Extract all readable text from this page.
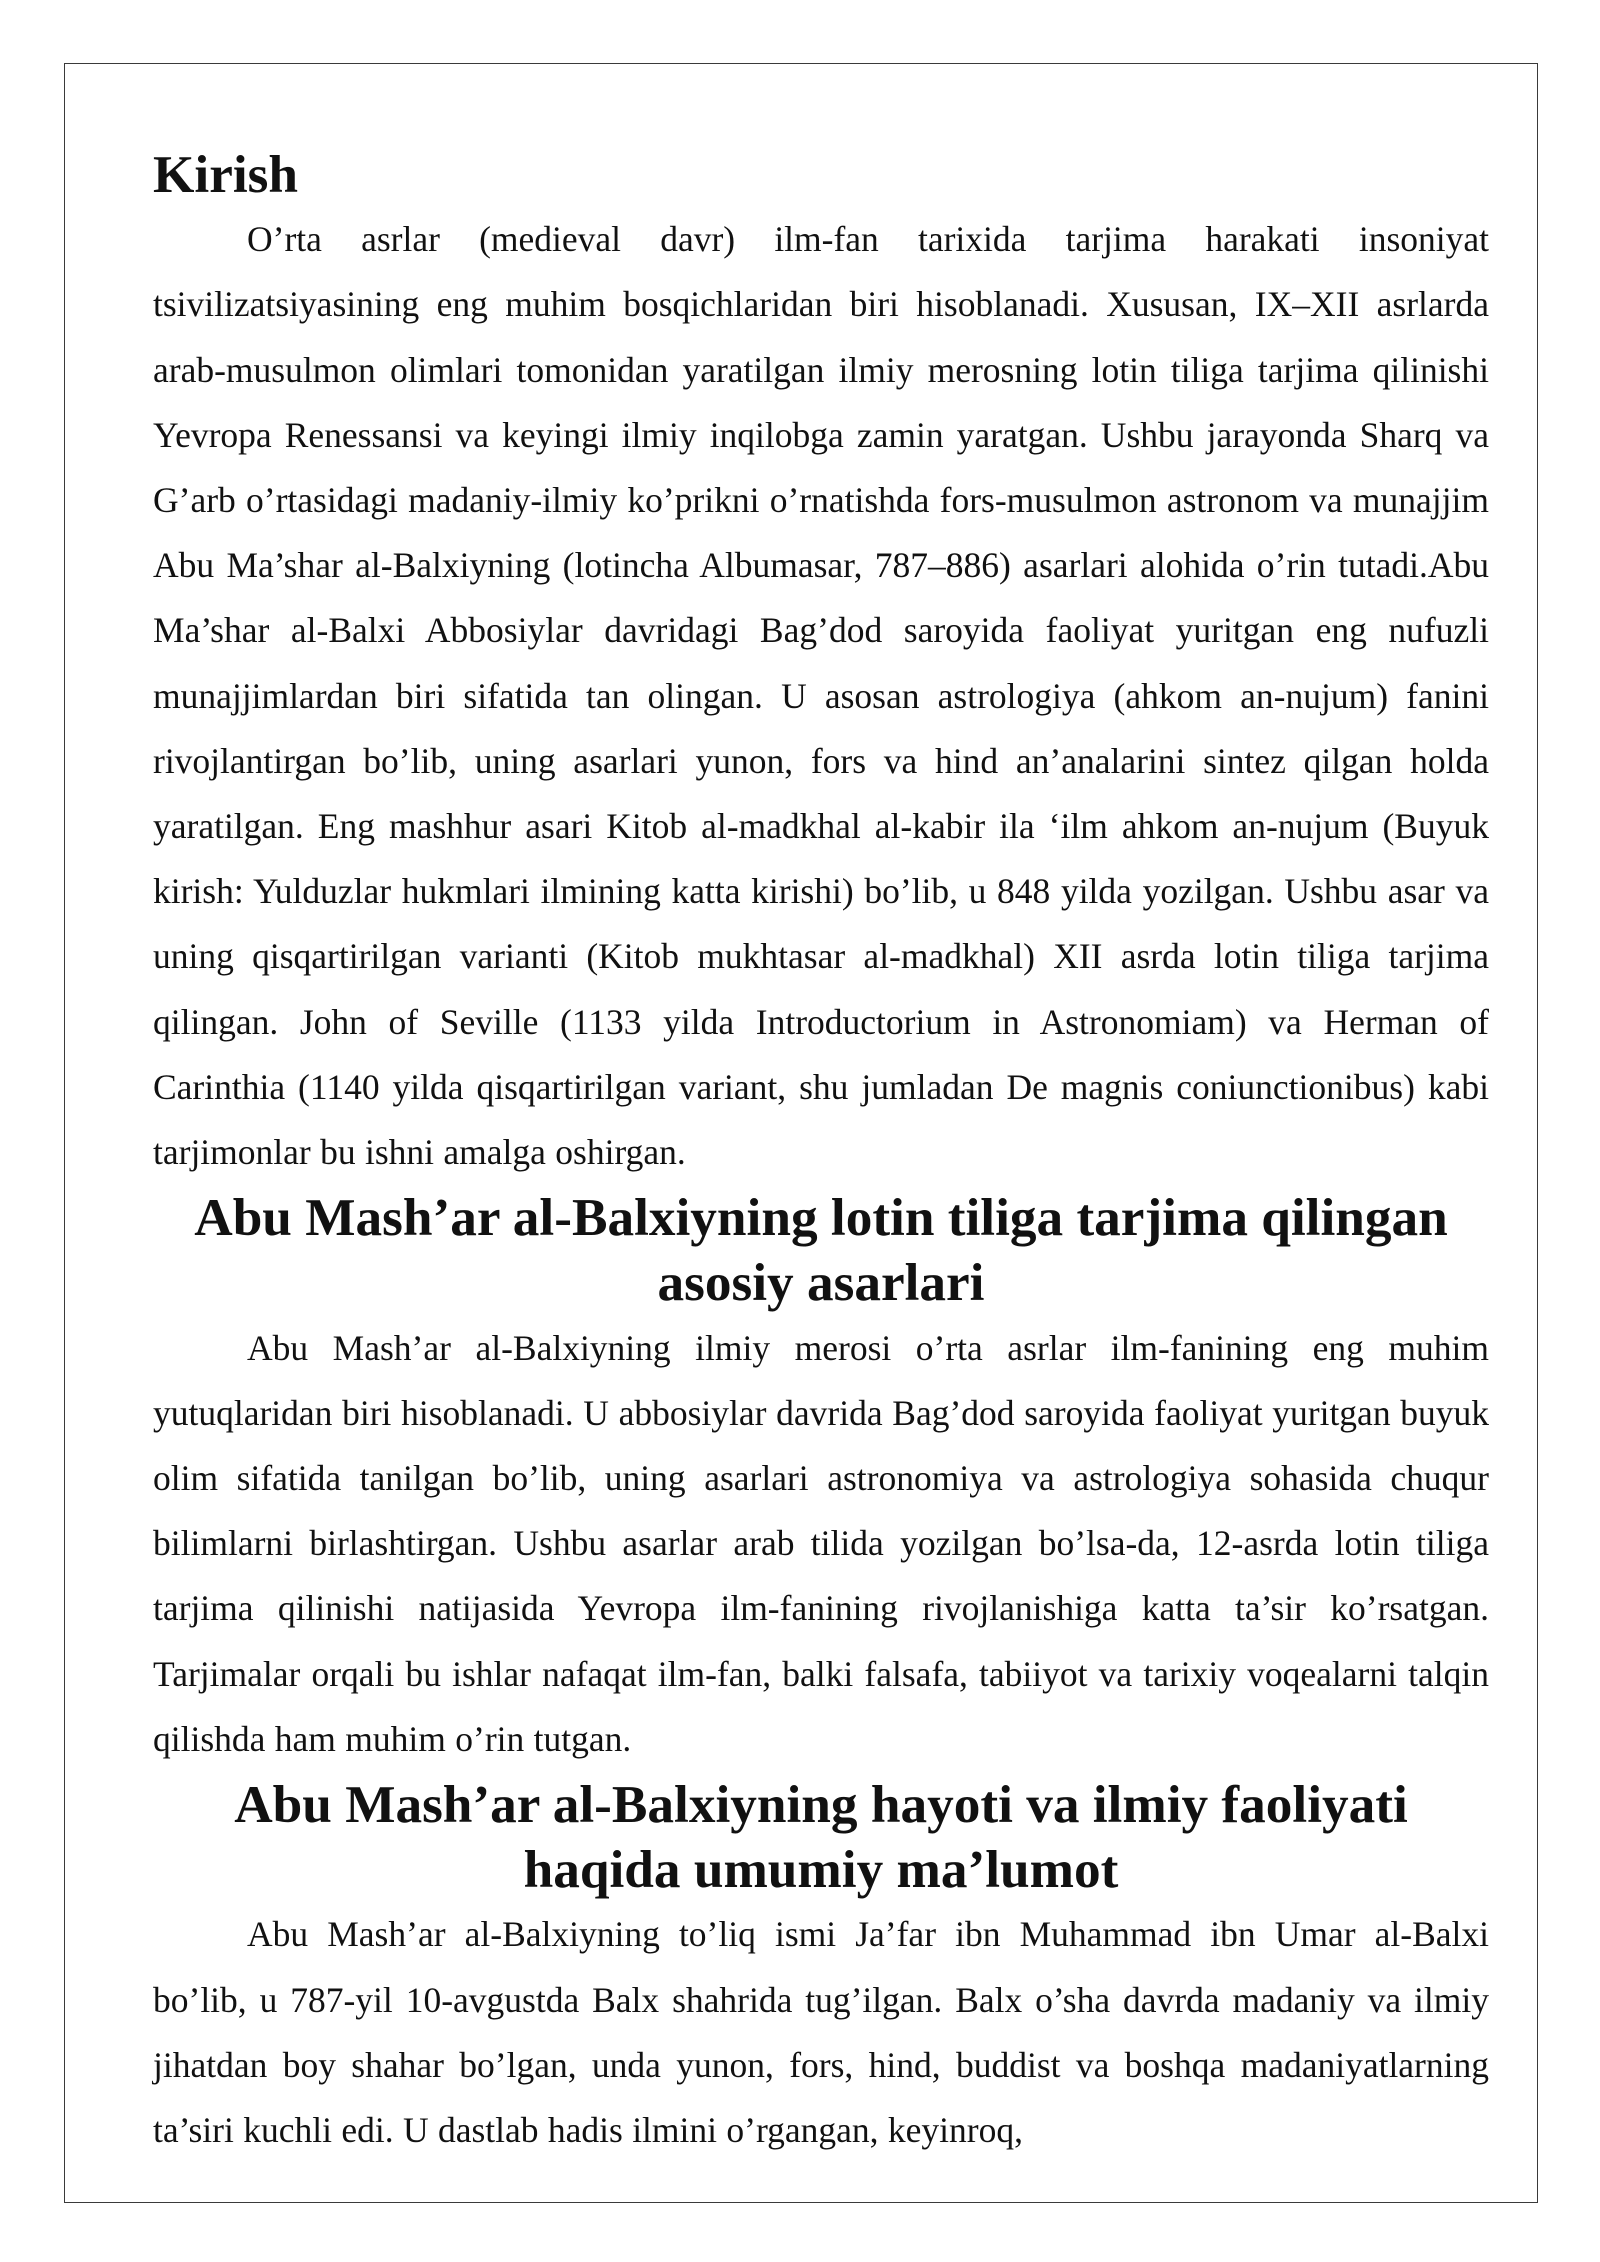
Kirish

O’rta asrlar (medieval davr) ilm-fan tarixida tarjima harakati insoniyat tsivilizatsiyasining eng muhim bosqichlaridan biri hisoblanadi. Xususan, IX–XII asrlarda arab-musulmon olimlari tomonidan yaratilgan ilmiy merosning lotin tiliga tarjima qilinishi Yevropa Renessansi va keyingi ilmiy inqilobga zamin yaratgan. Ushbu jarayonda Sharq va G’arb o’rtasidagi madaniy-ilmiy ko’prikni o’rnatishda fors-musulmon astronom va munajjim Abu Ma’shar al-Balxiyning (lotincha Albumasar, 787–886) asarlari alohida o’rin tutadi.Abu Ma’shar al-Balxi Abbosiylar davridagi Bag’dod saroyida faoliyat yuritgan eng nufuzli munajjimlardan biri sifatida tan olingan. U asosan astrologiya (ahkom an-nujum) fanini rivojlantirgan bo’lib, uning asarlari yunon, fors va hind an’analarini sintez qilgan holda yaratilgan. Eng mashhur asari Kitob al-madkhal al-kabir ila ‘ilm ahkom an-nujum (Buyuk kirish: Yulduzlar hukmlari ilmining katta kirishi) bo’lib, u 848 yilda yozilgan. Ushbu asar va uning qisqartirilgan varianti (Kitob mukhtasar al-madkhal) XII asrda lotin tiliga tarjima qilingan. John of Seville (1133 yilda Introductorium in Astronomiam) va Herman of Carinthia (1140 yilda qisqartirilgan variant, shu jumladan De magnis coniunctionibus) kabi tarjimonlar bu ishni amalga oshirgan.

Abu Mash’ar al-Balxiyning lotin tiliga tarjima qilingan asosiy asarlari

Abu Mash’ar al-Balxiyning ilmiy merosi o’rta asrlar ilm-fanining eng muhim yutuqlaridan biri hisoblanadi. U abbosiylar davrida Bag’dod saroyida faoliyat yuritgan buyuk olim sifatida tanilgan bo’lib, uning asarlari astronomiya va astrologiya sohasida chuqur bilimlarni birlashtirgan. Ushbu asarlar arab tilida yozilgan bo’lsa-da, 12-asrda lotin tiliga tarjima qilinishi natijasida Yevropa ilm-fanining rivojlanishiga katta ta’sir ko’rsatgan. Tarjimalar orqali bu ishlar nafaqat ilm-fan, balki falsafa, tabiiyot va tarixiy voqealarni talqin qilishda ham muhim o’rin tutgan.

Abu Mash’ar al-Balxiyning hayoti va ilmiy faoliyati haqida umumiy ma’lumot

Abu Mash’ar al-Balxiyning to’liq ismi Ja’far ibn Muhammad ibn Umar al-Balxi bo’lib, u 787-yil 10-avgustda Balx shahrida tug’ilgan. Balx o’sha davrda madaniy va ilmiy jihatdan boy shahar bo’lgan, unda yunon, fors, hind, buddist va boshqa madaniyatlarning ta’siri kuchli edi. U dastlab hadis ilmini o’rgangan, keyinroq,
